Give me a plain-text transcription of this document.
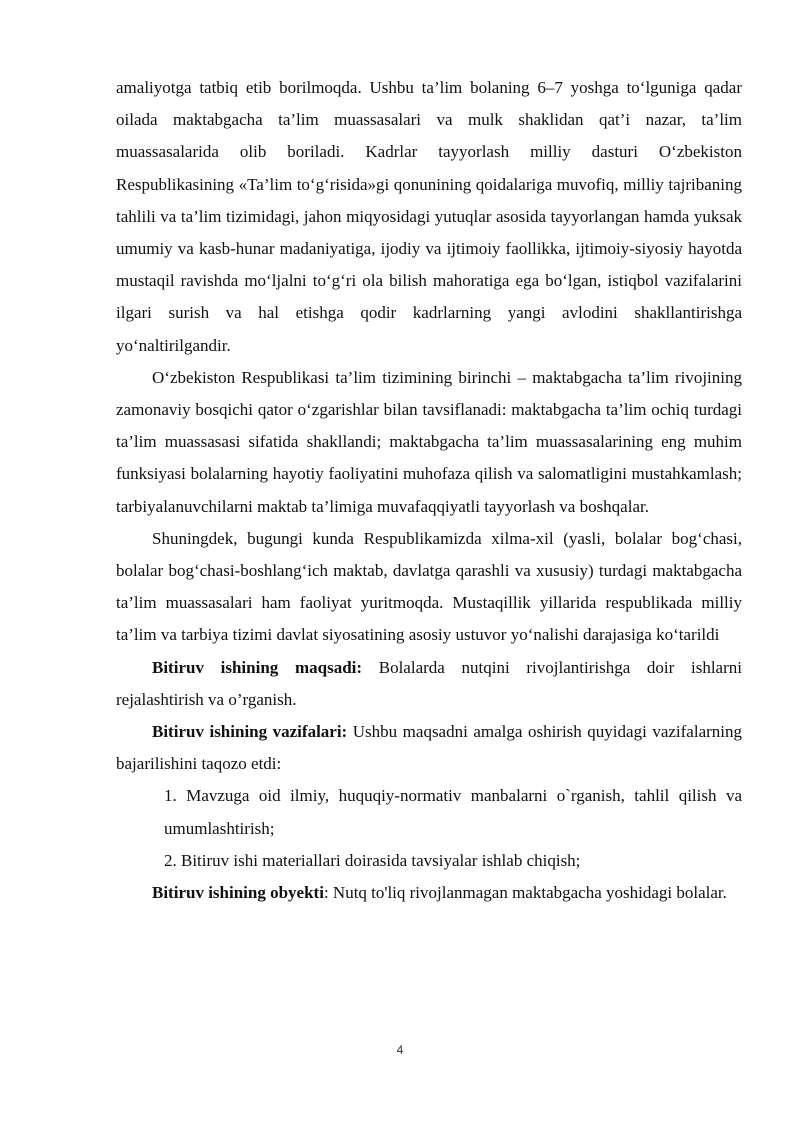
amaliyotga tatbiq etib borilmoqda. Ushbu ta’lim bolaning 6–7 yoshga to‘lguniga qadar oilada maktabgacha ta’lim muassasalari va mulk shaklidan qat’i nazar, ta’lim muassasalarida olib boriladi. Kadrlar tayyorlash milliy dasturi O‘zbekiston Respublikasining «Ta’lim to‘g‘risida»gi qonunining qoidalariga muvofiq, milliy tajribaning tahlili va ta’lim tizimidagi, jahon miqyosidagi yutuqlar asosida tayyorlangan hamda yuksak umumiy va kasb-hunar madaniyatiga, ijodiy va ijtimoiy faollikka, ijtimoiy-siyosiy hayotda mustaqil ravishda mo‘ljalni to‘g‘ri ola bilish mahoratiga ega bo‘lgan, istiqbol vazifalarini ilgari surish va hal etishga qodir kadrlarning yangi avlodini shakllantirishga yo‘naltirilgandir.

O‘zbekiston Respublikasi ta’lim tizimining birinchi – maktabgacha ta’lim rivojining zamonaviy bosqichi qator o‘zgarishlar bilan tavsiflanadi: maktabgacha ta’lim ochiq turdagi ta’lim muassasasi sifatida shakllandi; maktabgacha ta’lim muassasalarining eng muhim funksiyasi bolalarning hayotiy faoliyatini muhofaza qilish va salomatligini mustahkamlash; tarbiyalanuvchilarni maktab ta’limiga muvafaqqiyatli tayyorlash va boshqalar.

Shuningdek, bugungi kunda Respublikamizda xilma-xil (yasli, bolalar bog‘chasi, bolalar bog‘chasi-boshlang‘ich maktab, davlatga qarashli va xususiy) turdagi maktabgacha ta’lim muassasalari ham faoliyat yuritmoqda. Mustaqillik yillarida respublikada milliy ta’lim va tarbiya tizimi davlat siyosatining asosiy ustuvor yo‘nalishi darajasiga ko‘tarildi

Bitiruv ishining maqsadi: Bolalarda nutqini rivojlantirishga doir ishlarni rejalashtirish va o’rganish.

Bitiruv ishining vazifalari: Ushbu maqsadni amalga oshirish quyidagi vazifalarning bajarilishini taqozo etdi:

1. Mavzuga oid ilmiy, huquqiy-normativ manbalarni o`rganish, tahlil qilish va umumlashtirish;

2. Bitiruv ishi materiallari doirasida tavsiyalar ishlab chiqish;

Bitiruv ishining obyekti: Nutq to'liq rivojlanmagan maktabgacha yoshidagi bolalar.

4
